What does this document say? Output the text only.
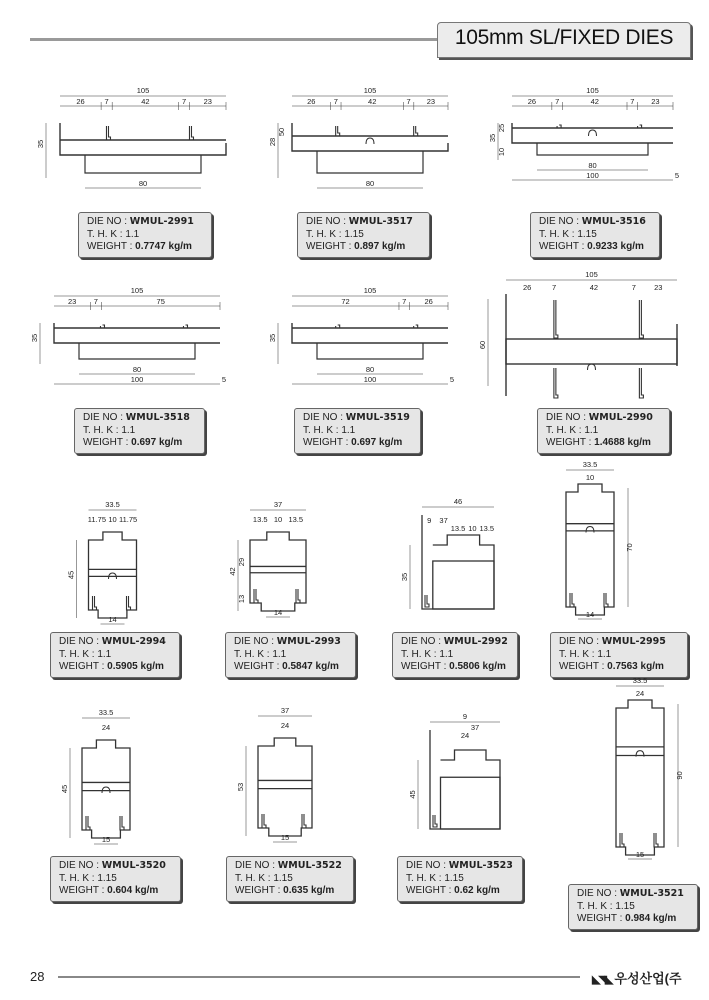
105mm SL/FIXED DIES
105
26	7	42	7 23
80
35
DIE NO : WMUL-2991
T. H. K : 1.1
WEIGHT : 0.7747 kg/m
105
26 7	42	7 23
80
28
50
DIE NO : WMUL-3517
T. H. K : 1.15
WEIGHT : 0.897 kg/m
105
26	7	42	7 23
80
100	5
35
25
10
DIE NO : WMUL-3516
T. H. K : 1.15
WEIGHT : 0.9233 kg/m
105
23 7	75
80
100	5
35
DIE NO : WMUL-3518
T. H. K : 1.1
WEIGHT : 0.697 kg/m
105
72	7 26
80
100	5
35
DIE NO : WMUL-3519
T. H. K : 1.1
WEIGHT : 0.697 kg/m
105
26	7	42	7 23
60
DIE NO : WMUL-2990
T. H. K : 1.1
WEIGHT : 1.4688 kg/m
33.5
11.75 10 11.75
14
45
DIE NO : WMUL-2994
T. H. K : 1.1
WEIGHT : 0.5905 kg/m
37
13.5 10 13.5
14
42
29
13
DIE NO : WMUL-2993
T. H. K : 1.1
WEIGHT : 0.5847 kg/m
46
9 37
13.5 10 13.5
35
DIE NO : WMUL-2992
T. H. K : 1.1
WEIGHT : 0.5806 kg/m
33.5
10
14
70
DIE NO : WMUL-2995
T. H. K : 1.1
WEIGHT : 0.7563 kg/m
33.5
24
15
45
DIE NO : WMUL-3520
T. H. K : 1.15
WEIGHT : 0.604 kg/m
37
24
15
53
DIE NO : WMUL-3522
T. H. K : 1.15
WEIGHT : 0.635 kg/m
9
37
24
45
DIE NO : WMUL-3523
T. H. K : 1.15
WEIGHT : 0.62 kg/m
33.5
24
15
90
DIE NO : WMUL-3521
T. H. K : 1.15
WEIGHT : 0.984 kg/m
28	◣◥◣ 우성산업(주
